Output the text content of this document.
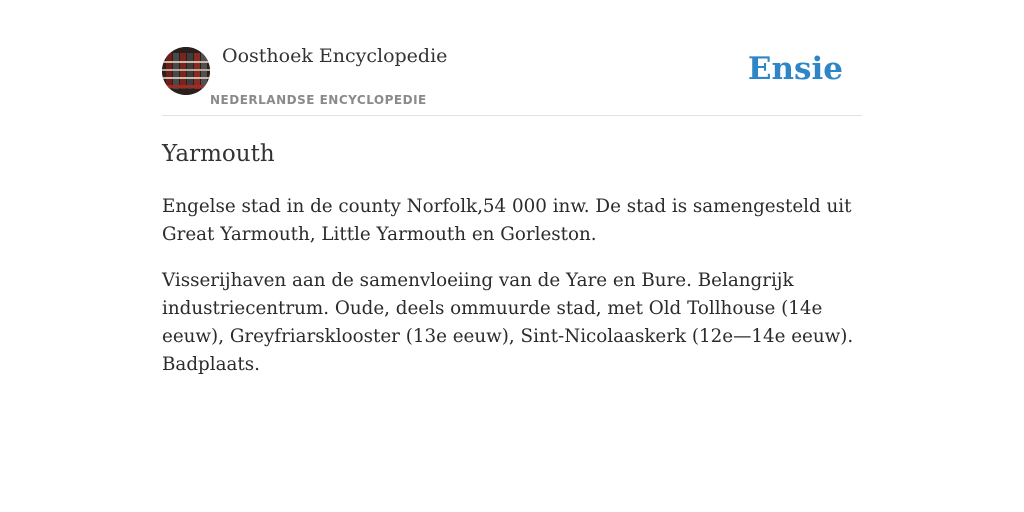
Oosthoek Encyclopedie
NEDERLANDSE ENCYCLOPEDIE
Ensie
Yarmouth

Engelse stad in de county Norfolk,54 000 inw. De stad is samengesteld uit Great Yarmouth, Little Yarmouth en Gorleston.

Visserijhaven aan de samenvloeiing van de Yare en Bure. Belangrijk industriecentrum. Oude, deels ommuurde stad, met Old Tollhouse (14e eeuw), Greyfriarsklooster (13e eeuw), Sint-Nicolaaskerk (12e—14e eeuw). Badplaats.
